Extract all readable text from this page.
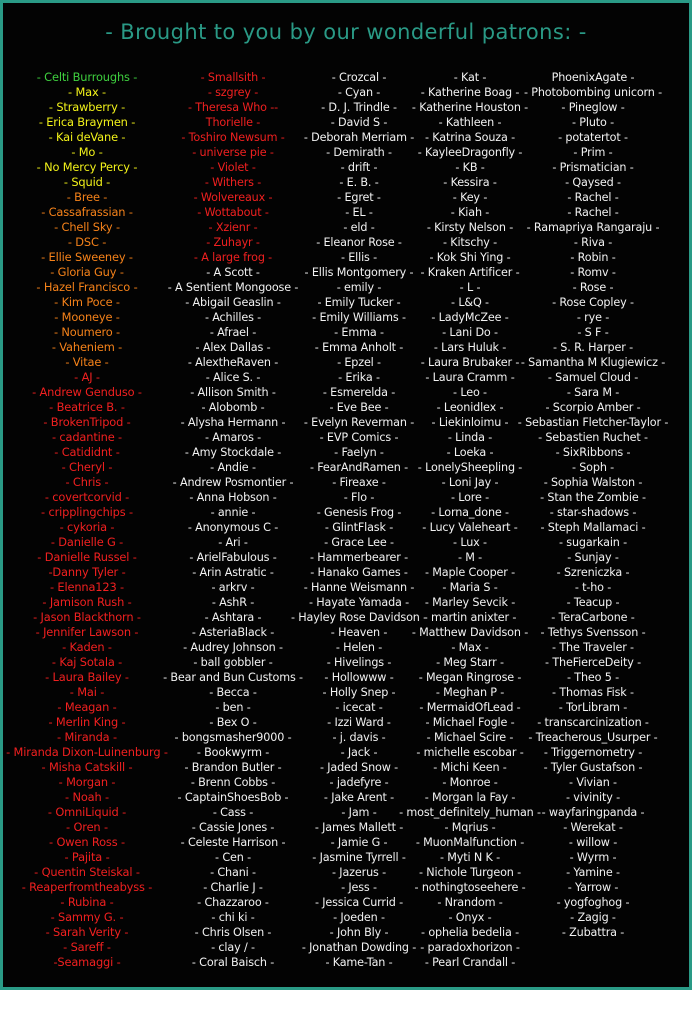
- Brought to you by our wonderful patrons: -
- Celti Burroughs -
- Max -
- Strawberry -
- Erica Braymen -
- Kai deVane -
- Mo -
- No Mercy Percy -
- Squid -
- Bree -
- Cassafrassian -
- Chell Sky -
- DSC -
- Ellie Sweeney -
- Gloria Guy -
- Hazel Francisco -
- Kim Poce -
- Mooneye -
- Noumero -
- Vaheniem -
- Vitae -
- AJ -
- Andrew Genduso -
- Beatrice B. -
- BrokenTripod -
- cadantine -
- Catididnt -
- Cheryl -
- Chris -
- covertcorvid -
- cripplingchips -
- cykoria -
- Danielle G -
- Danielle Russel -
-Danny Tyler -
- Elenna123 -
- Jamison Rush -
- Jason Blackthorn -
- Jennifer Lawson -
- Kaden -
- Kaj Sotala -
- Laura Bailey -
- Mai -
- Meagan -
- Merlin King -
- Miranda -
- Miranda Dixon-Luinenburg -
- Misha Catskill -
- Morgan -
- Noah -
- OmniLiquid -
- Oren -
- Owen Ross -
- Pajita -
- Quentin Steiskal -
- Reaperfromtheabyss -
- Rubina -
- Sammy G. -
- Sarah Verity -
- Sareff -
-Seamaggi -
- Smallsith -
- szgrey -
- Theresa Who --
Thorielle -
- Toshiro Newsum -
- universe pie -
- Violet -
- Withers -
- Wolvereaux -
- Wottabout -
- Xzienr -
- Zuhayr -
- A large frog -
- A Scott -
- A Sentient Mongoose -
- Abigail Geaslin -
- Achilles -
- Afrael -
- Alex Dallas -
- AlextheRaven -
- Alice S. -
- Allison Smith -
- Alobomb -
- Alysha Hermann -
- Amaros -
- Amy Stockdale -
- Andie -
- Andrew Posmontier -
- Anna Hobson -
- annie -
- Anonymous C -
- Ari -
- ArielFabulous -
- Arin Astratic -
- arkrv -
- AshR -
- Ashtara -
- AsteriaBlack -
- Audrey Johnson -
- ball gobbler -
- Bear and Bun Customs -
- Becca -
- ben -
- Bex O -
- bongsmasher9000 -
- Bookwyrm -
- Brandon Butler -
- Brenn Cobbs -
- CaptainShoesBob -
- Cass -
- Cassie Jones -
- Celeste Harrison -
- Cen -
- Chani -
- Charlie J -
- Chazzaroo -
- chi ki -
- Chris Olsen -
- clay / -
- Coral Baisch -
- Crozcal -
- Cyan -
- D. J. Trindle -
- David S -
- Deborah Merriam -
- Demirath -
- drift -
- E. B. -
- Egret -
- EL -
- eld -
- Eleanor Rose -
- Ellis -
- Ellis Montgomery -
- emily -
- Emily Tucker -
- Emily Williams -
- Emma -
- Emma Anholt -
- Epzel -
- Erika -
- Esmerelda -
- Eve Bee -
- Evelyn Reverman -
- EVP Comics -
- Faelyn -
- FearAndRamen -
- Fireaxe -
- Flo -
- Genesis Frog -
- GlintFlask -
- Grace Lee -
- Hammerbearer -
- Hanako Games -
- Hanne Weismann -
- Hayate Yamada -
- Hayley Rose Davidson -
- Heaven -
- Helen -
- Hivelings -
- Hollowww -
- Holly Snep -
- icecat -
- Izzi Ward -
- j. davis -
- Jack -
- Jaded Snow -
- jadefyre -
- Jake Arent -
- Jam -
- James Mallett -
- Jamie G -
- Jasmine Tyrrell -
- Jazerus -
- Jess -
- Jessica Currid -
- Joeden -
- John Bly -
- Jonathan Dowding -
- Kame-Tan -
- Kat -
- Katherine Boag -
- Katherine Houston -
- Kathleen -
- Katrina Souza -
- KayleeDragonfly -
- KB -
- Kessira -
- Key -
- Kiah -
- Kirsty Nelson -
- Kitschy -
- Kok Shi Ying -
- Kraken Artificer -
- L -
- L&Q -
- LadyMcZee -
- Lani Do -
- Lars Huluk -
- Laura Brubaker -
- Laura Cramm -
- Leo -
- Leonidlex -
- Liekinloimu -
- Linda -
- Loeka -
- LonelySheepling -
- Loni Jay -
- Lore -
- Lorna_done -
- Lucy Valeheart -
- Lux -
- M -
- Maple Cooper -
- Maria S -
- Marley Sevcik -
- martin anixter -
- Matthew Davidson -
- Max -
- Meg Starr -
- Megan Ringrose -
- Meghan P -
- MermaidOfLead -
- Michael Fogle -
- Michael Scire -
- michelle escobar -
- Michi Keen -
- Monroe -
- Morgan la Fay -
- most_definitely_human -
- Mqrius -
- MuonMalfunction -
- Myti N K -
- Nichole Turgeon -
- nothingtoseehere -
- Nrandom -
- Onyx -
- ophelia bedelia -
- paradoxhorizon -
- Pearl Crandall -
PhoenixAgate -
- Photobombing unicorn -
- Pineglow -
- Pluto -
- potatertot -
- Prim -
- Prismatician -
- Qaysed -
- Rachel -
- Rachel -
- Ramapriya Rangaraju -
- Riva -
- Robin -
- Romv -
- Rose -
- Rose Copley -
- rye -
- S F -
- S. R. Harper -
- Samantha M Klugiewicz -
- Samuel Cloud -
- Sara M -
- Scorpio Amber -
- Sebastian Fletcher-Taylor -
- Sebastien Ruchet -
- SixRibbons -
- Soph -
- Sophia Walston -
- Stan the Zombie -
- star-shadows -
- Steph Mallamaci -
- sugarkain -
- Sunjay -
- Szreniczka -
- t-ho -
- Teacup -
- TeraCarbone -
- Tethys Svensson -
- The Traveler -
- TheFierceDeity -
- Theo 5 -
- Thomas Fisk -
- TorLibram -
- transcarcinization -
- Treacherous_Usurper -
- Triggernometry -
- Tyler Gustafson -
- Vivian -
- vivinity -
- wayfaringpanda -
- Werekat -
- willow -
- Wyrm -
- Yamine -
- Yarrow -
- yogfoghog -
- Zagig -
- Zubattra -
